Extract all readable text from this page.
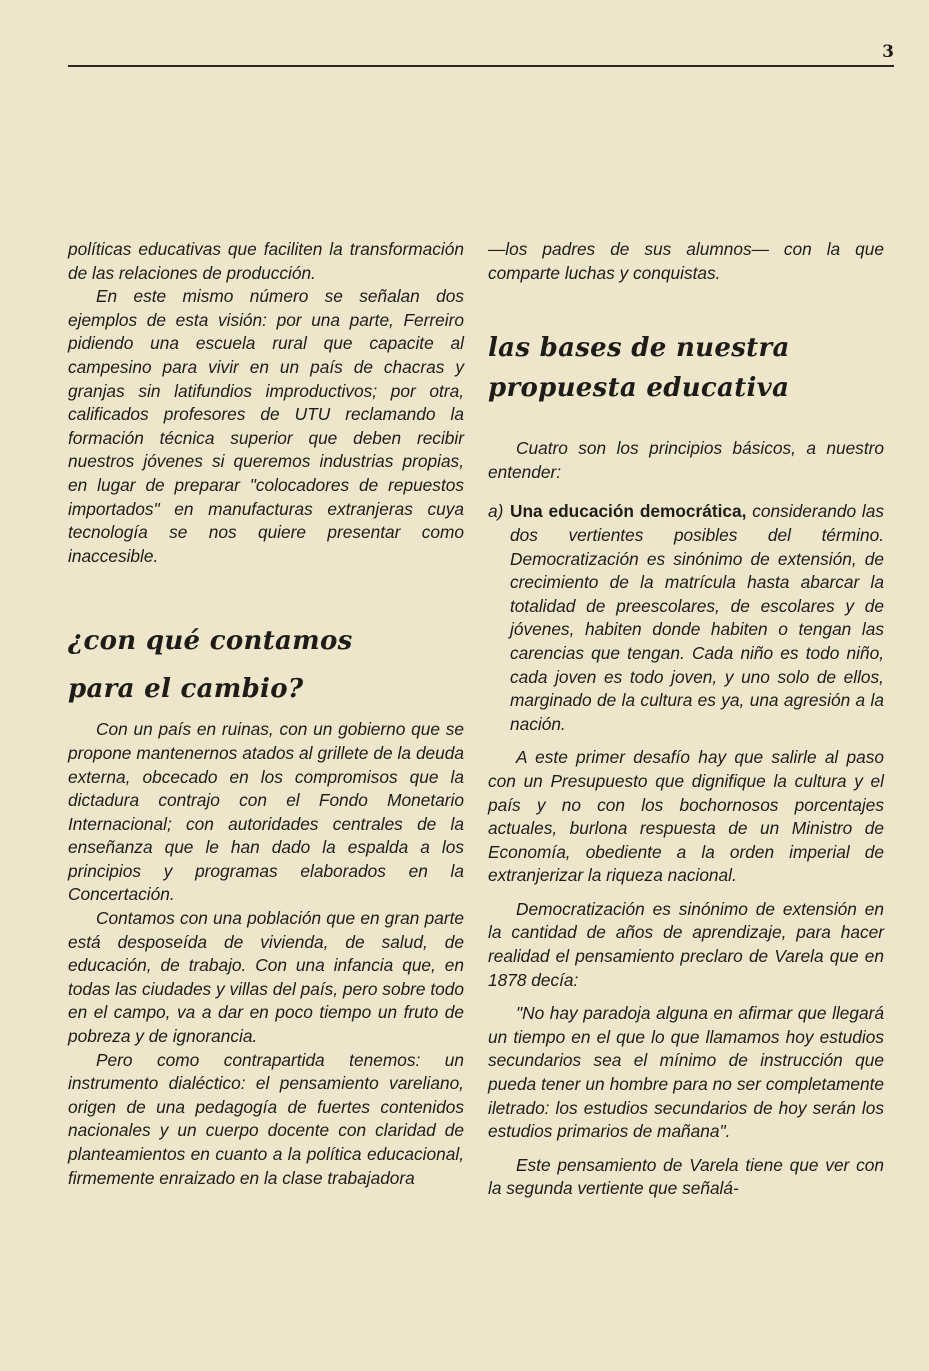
3

políticas educativas que faciliten la transformación de las relaciones de producción.

En este mismo número se señalan dos ejemplos de esta visión: por una parte, Ferreiro pidiendo una escuela rural que capacite al campesino para vivir en un país de chacras y granjas sin latifundios improductivos; por otra, calificados profesores de UTU reclamando la formación técnica superior que deben recibir nuestros jóvenes si queremos industrias propias, en lugar de preparar "colocadores de repuestos importados" en manufacturas extranjeras cuya tecnología se nos quiere presentar como inaccesible.

¿con qué contamos

para el cambio?

Con un país en ruinas, con un gobierno que se propone mantenernos atados al grillete de la deuda externa, obcecado en los compromisos que la dictadura contrajo con el Fondo Monetario Internacional; con autoridades centrales de la enseñanza que le han dado la espalda a los principios y programas elaborados en la Concertación.

Contamos con una población que en gran parte está desposeída de vivienda, de salud, de educación, de trabajo. Con una infancia que, en todas las ciudades y villas del país, pero sobre todo en el campo, va a dar en poco tiempo un fruto de pobreza y de ignorancia.

Pero como contrapartida tenemos: un instrumento dialéctico: el pensamiento vareliano, origen de una pedagogía de fuertes contenidos nacionales y un cuerpo docente con claridad de planteamientos en cuanto a la política educacional, firmemente enraizado en la clase trabajadora

—los padres de sus alumnos— con la que comparte luchas y conquistas.

las bases de nuestra

propuesta educativa

Cuatro son los principios básicos, a nuestro entender:

a) Una educación democrática, considerando las dos vertientes posibles del término. Democratización es sinónimo de extensión, de crecimiento de la matrícula hasta abarcar la totalidad de preescolares, de escolares y de jóvenes, habiten donde habiten o tengan las carencias que tengan. Cada niño es todo niño, cada joven es todo joven, y uno solo de ellos, marginado de la cultura es ya, una agresión a la nación.

A este primer desafío hay que salirle al paso con un Presupuesto que dignifique la cultura y el país y no con los bochornosos porcentajes actuales, burlona respuesta de un Ministro de Economía, obediente a la orden imperial de extranjerizar la riqueza nacional.

Democratización es sinónimo de extensión en la cantidad de años de aprendizaje, para hacer realidad el pensamiento preclaro de Varela que en 1878 decía:

"No hay paradoja alguna en afirmar que llegará un tiempo en el que lo que llamamos hoy estudios secundarios sea el mínimo de instrucción que pueda tener un hombre para no ser completamente iletrado: los estudios secundarios de hoy serán los estudios primarios de mañana".

Este pensamiento de Varela tiene que ver con la segunda vertiente que señalá-
